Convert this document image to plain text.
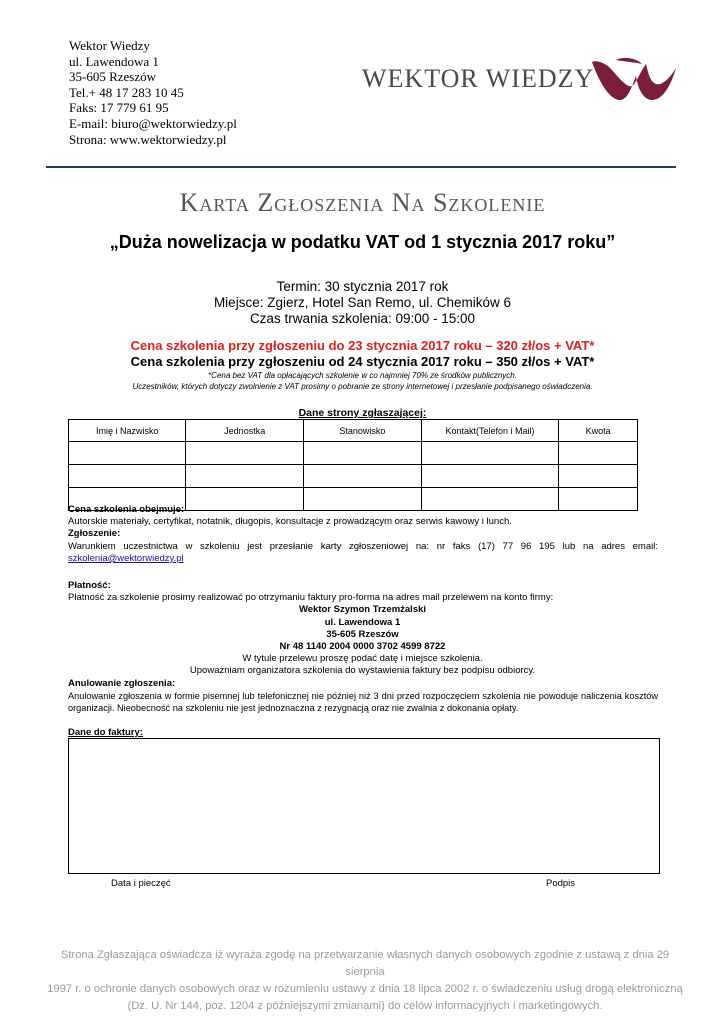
Wektor Wiedzy
ul. Lawendowa 1
35-605 Rzeszów
Tel.+ 48 17 283 10 45
Faks: 17 779 61 95
E-mail: biuro@wektorwiedzy.pl
Strona: www.wektorwiedzy.pl
WEKTOR WIEDZY
Karta Zgłoszenia Na Szkolenie
„Duża nowelizacja w podatku VAT od 1 stycznia 2017 roku”
Termin: 30 stycznia 2017 rok
Miejsce: Zgierz, Hotel San Remo, ul. Chemików 6
Czas trwania szkolenia: 09:00 - 15:00
Cena szkolenia przy zgłoszeniu do 23 stycznia 2017 roku – 320 zł/os + VAT*
Cena szkolenia przy zgłoszeniu od 24 stycznia 2017 roku – 350 zł/os + VAT*
*Cena bez VAT dla opłacających szkolenie w co najmniej 70% ze środków publicznych.
Uczestników, których dotyczy zwolnienie z VAT prosimy o pobranie ze strony internetowej i przesłanie podpisanego oświadczenia.
Dane strony zgłaszającej:
Imię i Nazwisko	Jednostka	Stanowisko	Kontakt(Telefon i Mail)	Kwota

Cena szkolenia obejmuje:
Autorskie materiały, certyfikat, notatnik, długopis, konsultacje z prowadzącym oraz serwis kawowy i lunch.
Zgłoszenie:
Warunkiem uczestnictwa w szkoleniu jest przesłanie karty zgłoszeniowej na: nr faks (17) 77 96 195 lub na adres email:
szkolenia@wektorwiedzy.pl
Płatność:
Płatność za szkolenie prosimy realizować po otrzymaniu faktury pro-forma na adres mail przelewem na konto firmy:
Wektor Szymon Trzemżalski
ul. Lawendowa 1
35-605 Rzeszów
Nr 48 1140 2004 0000 3702 4599 8722
W tytule przelewu proszę podać datę i miejsce szkolenia.
Upoważniam organizatora szkolenia do wystawienia faktury bez podpisu odbiorcy.
Anulowanie zgłoszenia:
Anulowanie zgłoszenia w formie pisemnej lub telefonicznej nie później niż 3 dni przed rozpoczęciem szkolenia nie powoduje naliczenia kosztów organizacji. Nieobecność na szkoleniu nie jest jednoznaczna z rezygnacją oraz nie zwalnia z dokonania opłaty.
Dane do faktury:
Data i pieczęć	Podpis
Strona Zgłaszająca oświadcza iż wyraża zgodę na przetwarzanie własnych danych osobowych zgodnie z ustawą z dnia 29 sierpnia
1997 r. o ochronie danych osobowych oraz w rozumieniu ustawy z dnia 18 lipca 2002 r. o świadczeniu usług drogą elektroniczną
(Dz. U. Nr 144, poz. 1204 z późniejszymi zmianami) do celów informacyjnych i marketingowych.
